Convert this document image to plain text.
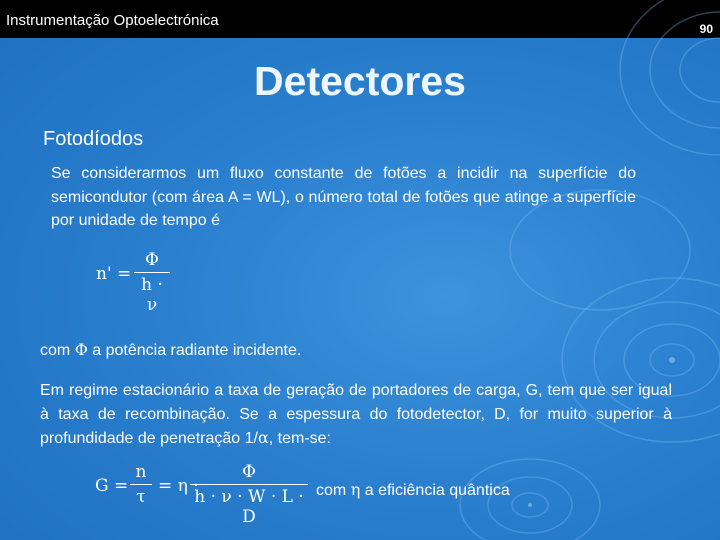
Instrumentação Optoelectrónica	90
Detectores
Fotodíodos
Se considerarmos um fluxo constante de fotões a incidir na superfície do semicondutor (com área A = WL), o número total de fotões que atinge a superfície por unidade de tempo é
$n' = \frac{\Phi}{h \cdot \nu}$
com Φ a potência radiante incidente.
Em regime estacionário a taxa de geração de portadores de carga, G, tem que ser igual à taxa de recombinação. Se a espessura do fotodetector, D, for muito superior à profundidade de penetração 1/α, tem-se:
$G = \frac{n}{\tau} = \eta$ ·
$\frac{\Phi}{h \cdot \nu \cdot W \cdot L \cdot D}$ com η a eficiência quântica
